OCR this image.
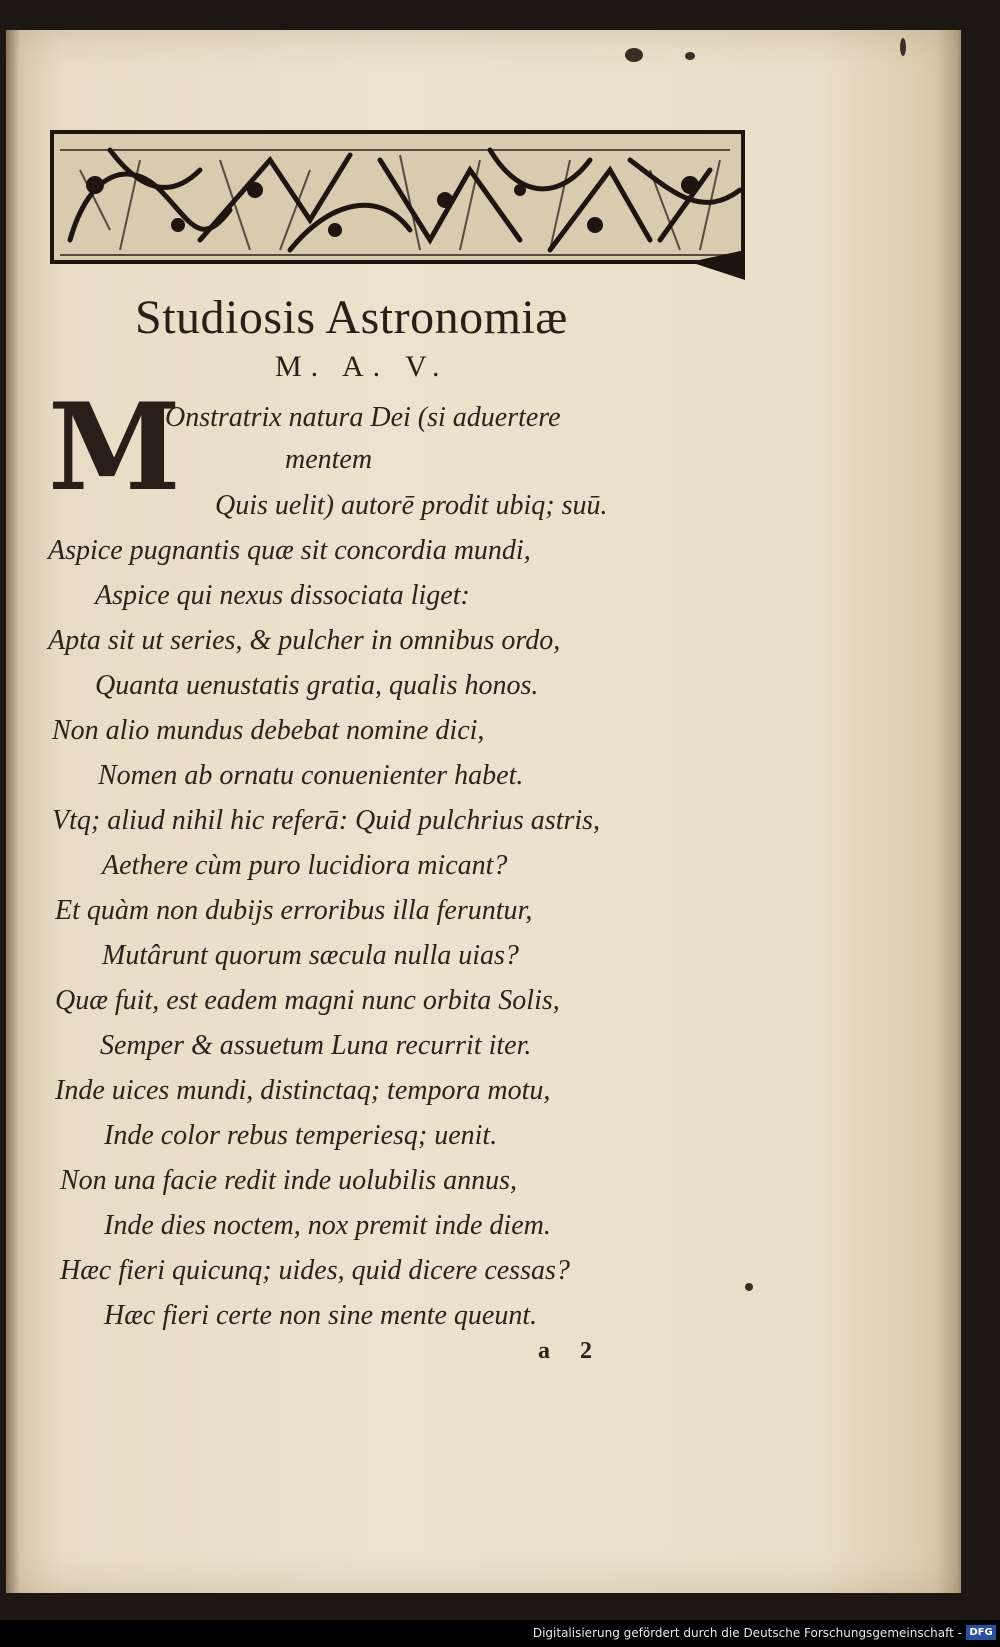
Studiosis Astronomiæ
M. A. V.
M
Onstratrix natura Dei (si aduertere
mentem
Quis uelit) autorē prodit ubiq; suū.
Aspice pugnantis quæ sit concordia mundi,
Aspice qui nexus dissociata liget:
Apta sit ut series, & pulcher in omnibus ordo,
Quanta uenustatis gratia, qualis honos.
Non alio mundus debebat nomine dici,
Nomen ab ornatu conuenienter habet.
Vtq; aliud nihil hic referā: Quid pulchrius astris,
Aethere cùm puro lucidiora micant?
Et quàm non dubijs erroribus illa feruntur,
Mutârunt quorum sæcula nulla uias?
Quæ fuit, est eadem magni nunc orbita Solis,
Semper & assuetum Luna recurrit iter.
Inde uices mundi, distinctaq; tempora motu,
Inde color rebus temperiesq; uenit.
Non una facie redit inde uolubilis annus,
Inde dies noctem, nox premit inde diem.
Hæc fieri quicunq; uides, quid dicere cessas?
Hæc fieri certe non sine mente queunt.
a 2
Digitalisierung gefördert durch die Deutsche Forschungsgemeinschaft - DFG
